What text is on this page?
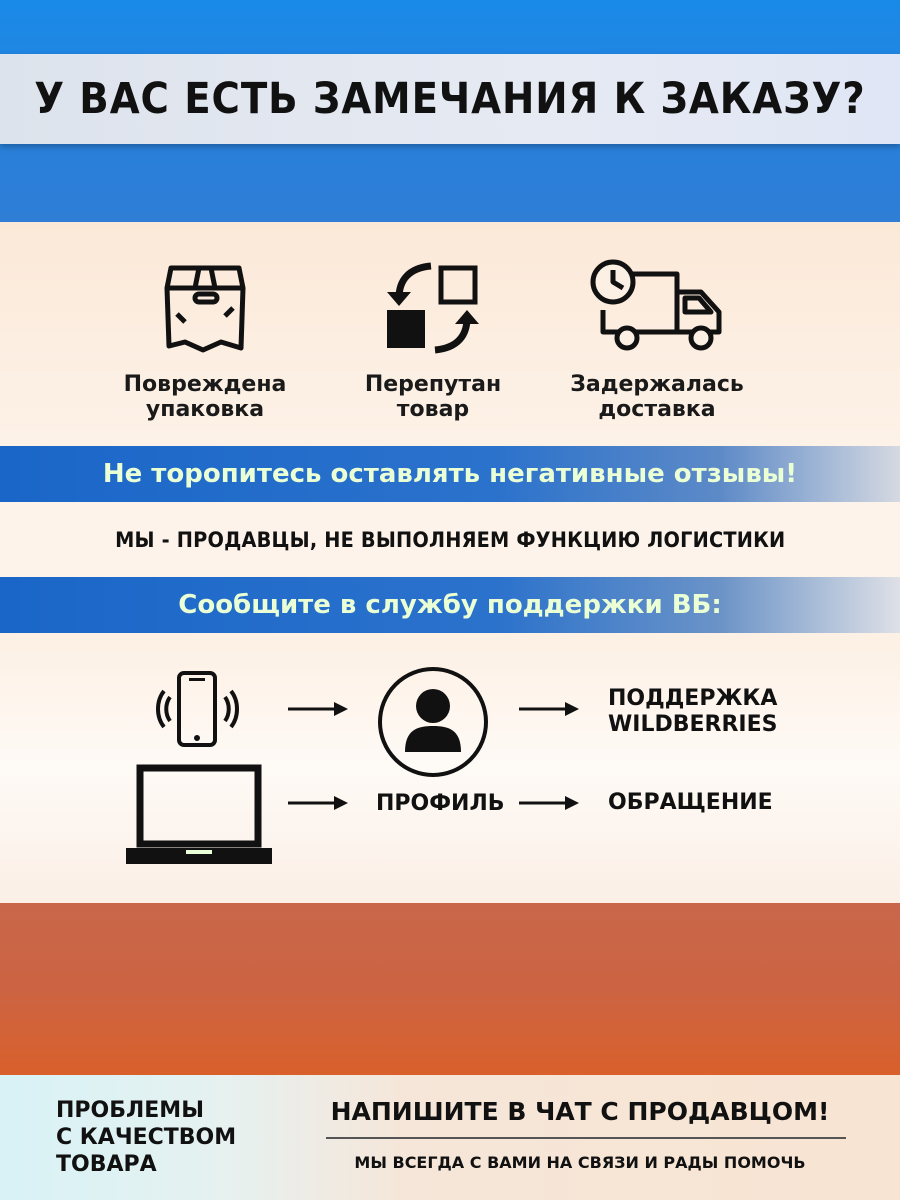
У ВАС ЕСТЬ ЗАМЕЧАНИЯ К ЗАКАЗУ?
Повреждена
упаковка
Перепутан
товар
Задержалась
доставка
Не торопитесь оставлять негативные отзывы!
МЫ - ПРОДАВЦЫ, НЕ ВЫПОЛНЯЕМ ФУНКЦИЮ ЛОГИСТИКИ
Сообщите в службу поддержки ВБ:
ПРОФИЛЬ
ПОДДЕРЖКА
WILDBERRIES
ОБРАЩЕНИЕ
ПРОБЛЕМЫ
С КАЧЕСТВОМ
ТОВАРА
НАПИШИТЕ В ЧАТ С ПРОДАВЦОМ!
МЫ ВСЕГДА С ВАМИ НА СВЯЗИ И РАДЫ ПОМОЧЬ
